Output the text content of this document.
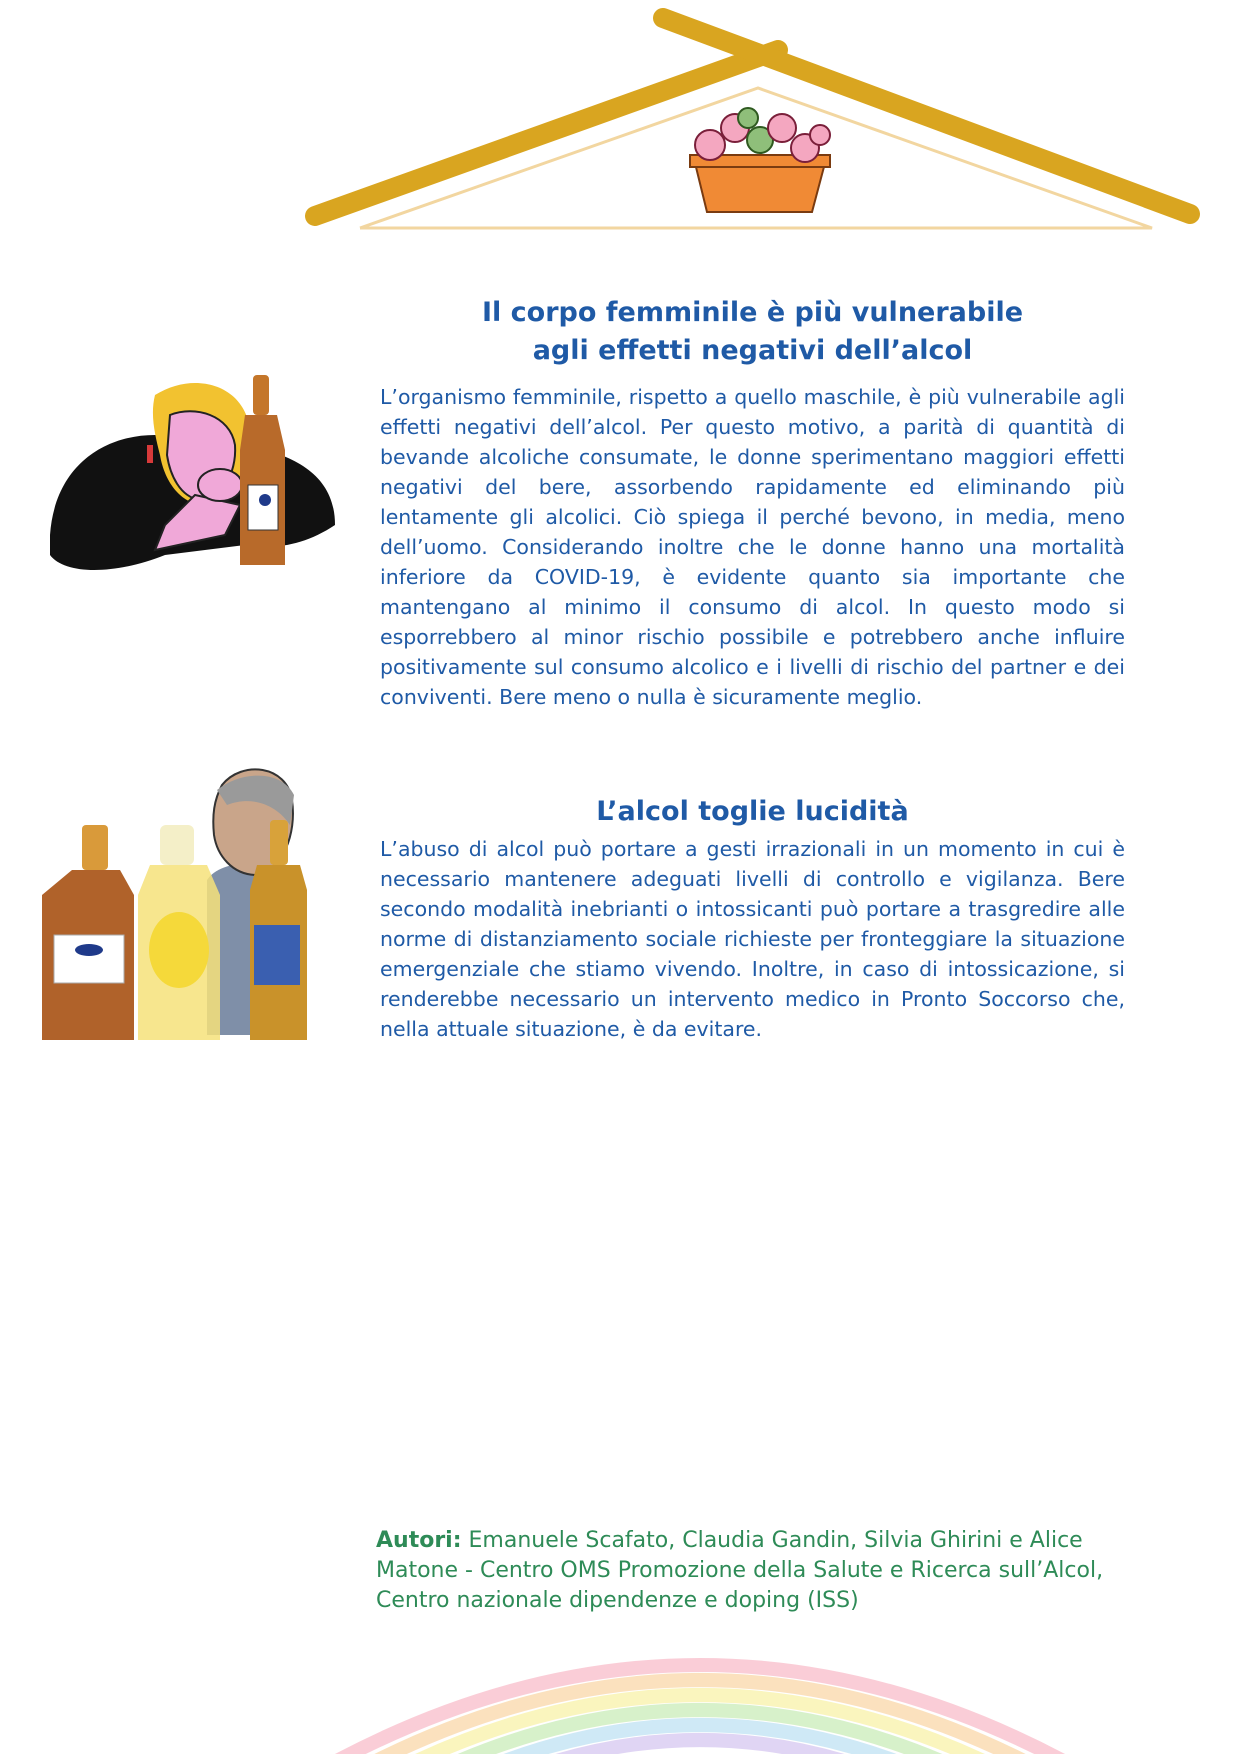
Il corpo femminile è più vulnerabile
agli effetti negativi dell’alcol

L’organismo femminile, rispetto a quello maschile, è più vulnerabile agli effetti negativi dell’alcol. Per questo motivo, a parità di quantità di bevande alcoliche consumate, le donne sperimentano maggiori effetti negativi del bere, assorbendo rapidamente ed eliminando più lentamente gli alcolici. Ciò spiega il perché bevono, in media, meno dell’uomo. Considerando inoltre che le donne hanno una mortalità inferiore da COVID-19, è evidente quanto sia importante che mantengano al minimo il consumo di alcol. In questo modo si esporrebbero al minor rischio possibile e potrebbero anche influire positivamente sul consumo alcolico e i livelli di rischio del partner e dei conviventi. Bere meno o nulla è sicuramente meglio.

L’alcol toglie lucidità

L’abuso di alcol può portare a gesti irrazionali in un momento in cui è necessario mantenere adeguati livelli di controllo e vigilanza. Bere secondo modalità inebrianti o intossicanti può portare a trasgredire alle norme di distanziamento sociale richieste per fronteggiare la situazione emergenziale che stiamo vivendo. Inoltre, in caso di intossicazione, si renderebbe necessario un intervento medico in Pronto Soccorso che, nella attuale situazione, è da evitare.

Autori: Emanuele Scafato, Claudia Gandin, Silvia Ghirini e Alice Matone - Centro OMS Promozione della Salute e Ricerca sull’Alcol, Centro nazionale dipendenze e doping (ISS)
